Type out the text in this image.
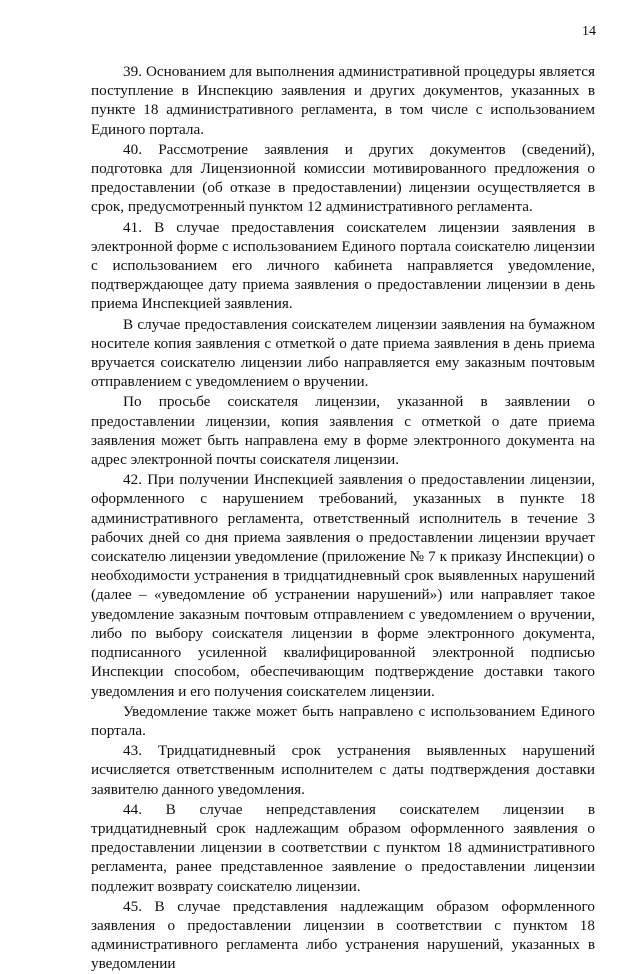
14

39. Основанием для выполнения административной процедуры является поступление в Инспекцию заявления и других документов, указанных в пункте 18 административного регламента, в том числе с использованием Единого портала.

40. Рассмотрение заявления и других документов (сведений), подготовка для Лицензионной комиссии мотивированного предложения о предоставлении (об отказе в предоставлении) лицензии осуществляется в срок, предусмотренный пунктом 12 административного регламента.

41. В случае предоставления соискателем лицензии заявления в электронной форме с использованием Единого портала соискателю лицензии с использованием его личного кабинета направляется уведомление, подтверждающее дату приема заявления о предоставлении лицензии в день приема Инспекцией заявления.

В случае предоставления соискателем лицензии заявления на бумажном носителе копия заявления с отметкой о дате приема заявления в день приема вручается соискателю лицензии либо направляется ему заказным почтовым отправлением с уведомлением о вручении.

По просьбе соискателя лицензии, указанной в заявлении о предоставлении лицензии, копия заявления с отметкой о дате приема заявления может быть направлена ему в форме электронного документа на адрес электронной почты соискателя лицензии.

42. При получении Инспекцией заявления о предоставлении лицензии, оформленного с нарушением требований, указанных в пункте 18 административного регламента, ответственный исполнитель в течение 3 рабочих дней со дня приема заявления о предоставлении лицензии вручает соискателю лицензии уведомление (приложение № 7 к приказу Инспекции) о необходимости устранения в тридцатидневный срок выявленных нарушений (далее – «уведомление об устранении нарушений») или направляет такое уведомление заказным почтовым отправлением с уведомлением о вручении, либо по выбору соискателя лицензии в форме электронного документа, подписанного усиленной квалифицированной электронной подписью Инспекции способом, обеспечивающим подтверждение доставки такого уведомления и его получения соискателем лицензии.

Уведомление также может быть направлено с использованием Единого портала.

43. Тридцатидневный срок устранения выявленных нарушений исчисляется ответственным исполнителем с даты подтверждения доставки заявителю данного уведомления.

44. В случае непредставления соискателем лицензии в тридцатидневный срок надлежащим образом оформленного заявления о предоставлении лицензии в соответствии с пунктом 18 административного регламента, ранее представленное заявление о предоставлении лицензии подлежит возврату соискателю лицензии.

45. В случае представления надлежащим образом оформленного заявления о предоставлении лицензии в соответствии с пунктом 18 административного регламента либо устранения нарушений, указанных в уведомлении
